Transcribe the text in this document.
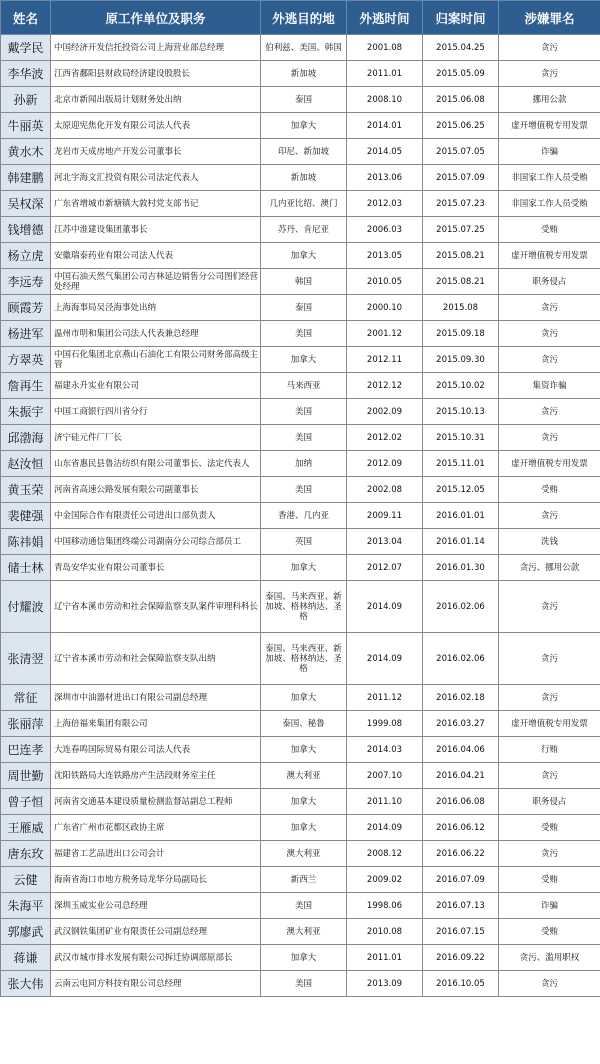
姓名	原工作单位及职务	外逃目的地	外逃时间	归案时间	涉嫌罪名
戴学民	中国经济开发信托投资公司上海营业部总经理	伯利兹、美国、韩国	2001.08	2015.04.25	贪污
李华波	江西省鄱阳县财政局经济建设股股长	新加坡	2011.01	2015.05.09	贪污
孙新	北京市新闻出版局计划财务处出纳	泰国	2008.10	2015.06.08	挪用公款
牛丽英	太原迎宪焦化开发有限公司法人代表	加拿大	2014.01	2015.06.25	虚开增值税专用发票
黄水木	龙岩市天成房地产开发公司董事长	印尼、新加坡	2014.05	2015.07.05	诈骗
韩建鹏	河北宇海文汇投资有限公司法定代表人	新加坡	2013.06	2015.07.09	非国家工作人员受贿
吴权深	广东省增城市新塘镇大敦村党支部书记	几内亚比绍、澳门	2012.03	2015.07.23	非国家工作人员受贿
钱增德	江苏中淮建设集团董事长	苏丹、肯尼亚	2006.03	2015.07.25	受贿
杨立虎	安徽瑞泰药业有限公司法人代表	加拿大	2013.05	2015.08.21	虚开增值税专用发票
李远寿	中国石油天然气集团公司吉林延边销售分公司图们经营处经理	韩国	2010.05	2015.08.21	职务侵占
顾霞芳	上海海事局吴泾海事处出纳	泰国	2000.10	2015.08	贪污
杨进军	温州市明和集团公司法人代表兼总经理	美国	2001.12	2015.09.18	贪污
方翠英	中国石化集团北京燕山石油化工有限公司财务部高级主管	加拿大	2012.11	2015.09.30	贪污
詹再生	福建永升实业有限公司	马来西亚	2012.12	2015.10.02	集资诈骗
朱振宇	中国工商银行四川省分行	美国	2002.09	2015.10.13	贪污
邱渤海	济宁硅元件厂厂长	美国	2012.02	2015.10.31	贪污
赵汝恒	山东省惠民县鲁洁纺织有限公司董事长、法定代表人	加纳	2012.09	2015.11.01	虚开增值税专用发票
黄玉荣	河南省高速公路发展有限公司副董事长	美国	2002.08	2015.12.05	受贿
裴健强	中金国际合作有限责任公司进出口部负责人	香港、几内亚	2009.11	2016.01.01	贪污
陈祎娟	中国移动通信集团终端公司湖南分公司综合部员工	英国	2013.04	2016.01.14	洗钱
储士林	青岛安华实业有限公司董事长	加拿大	2012.07	2016.01.30	贪污、挪用公款
付耀波	辽宁省本溪市劳动和社会保障监察支队案件审理科科长	泰国、马来西亚、新加坡、格林纳达、圣格	2014.09	2016.02.06	贪污
张清翌	辽宁省本溪市劳动和社会保障监察支队出纳	泰国、马来西亚、新加坡、格林纳达、圣格	2014.09	2016.02.06	贪污
常征	深圳市中油器材进出口有限公司副总经理	加拿大	2011.12	2016.02.18	贪污
张丽萍	上海倍福来集团有限公司	泰国、秘鲁	1999.08	2016.03.27	虚开增值税专用发票
巴连孝	大连春鸣国际贸易有限公司法人代表	加拿大	2014.03	2016.04.06	行贿
周世勤	沈阳铁路局大连铁路房产生活段财务室主任	澳大利亚	2007.10	2016.04.21	贪污
曾子恒	河南省交通基本建设质量检测监督站副总工程师	加拿大	2011.10	2016.06.08	职务侵占
王雁威	广东省广州市花都区政协主席	加拿大	2014.09	2016.06.12	受贿
唐东玫	福建省工艺品进出口公司会计	澳大利亚	2008.12	2016.06.22	贪污
云健	海南省海口市地方税务局龙华分局副局长	新西兰	2009.02	2016.07.09	受贿
朱海平	深圳玉威实业公司总经理	美国	1998.06	2016.07.13	诈骗
郭廖武	武汉钢铁集团矿业有限责任公司副总经理	澳大利亚	2010.08	2016.07.15	受贿
蒋谦	武汉市城市排水发展有限公司拆迁协调部原部长	加拿大	2011.01	2016.09.22	贪污、滥用职权
张大伟	云南云电同方科技有限公司总经理	美国	2013.09	2016.10.05	贪污
